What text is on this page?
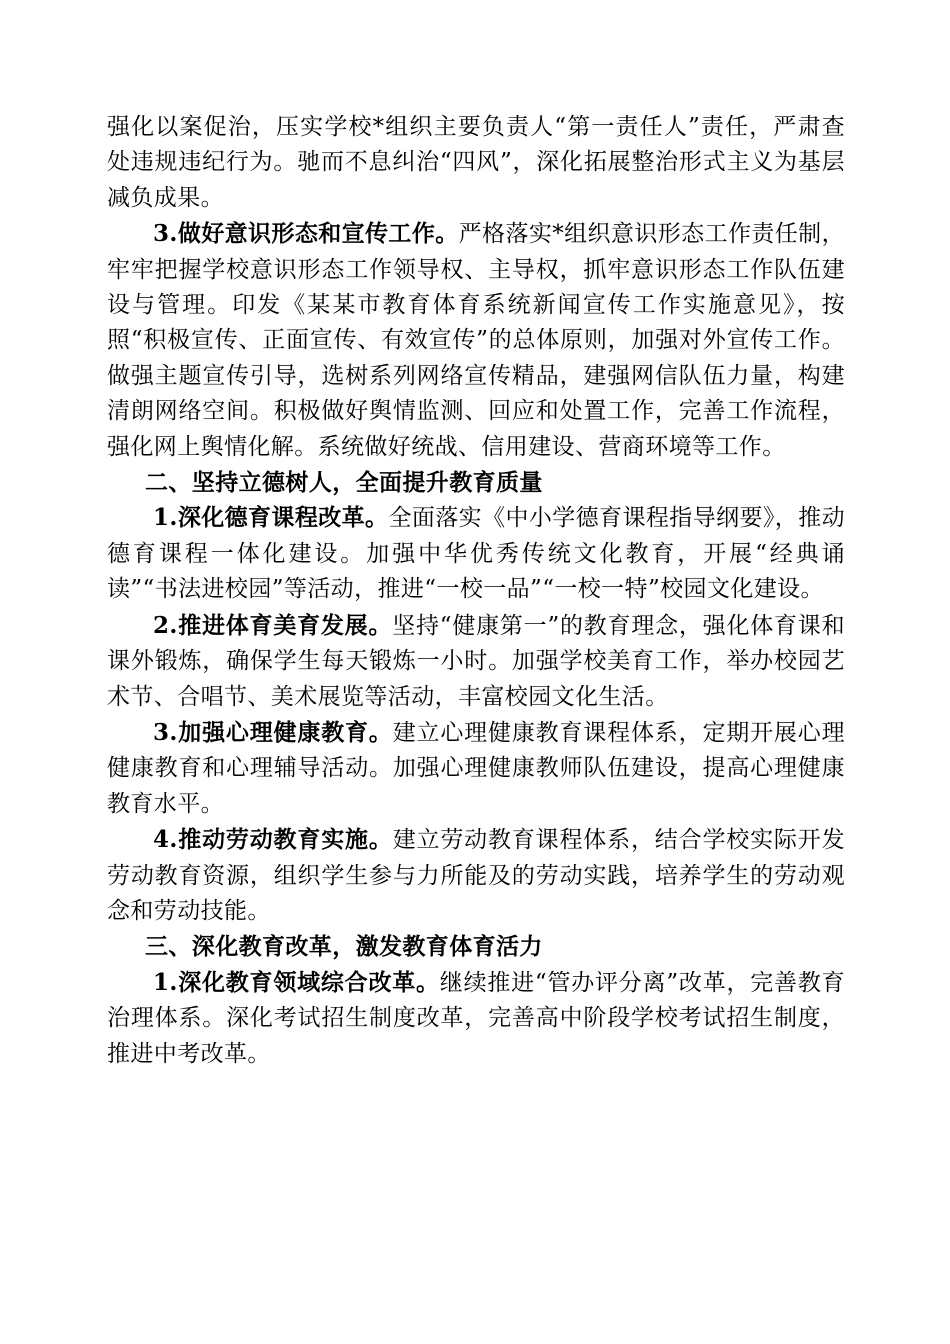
强化以案促治，压实学校*组织主要负责人“第一责任人”责任，严肃查处违规违纪行为。驰而不息纠治“四风”，深化拓展整治形式主义为基层减负成果。

3.做好意识形态和宣传工作。严格落实*组织意识形态工作责任制，牢牢把握学校意识形态工作领导权、主导权，抓牢意识形态工作队伍建设与管理。印发《某某市教育体育系统新闻宣传工作实施意见》，按照“积极宣传、正面宣传、有效宣传”的总体原则，加强对外宣传工作。做强主题宣传引导，选树系列网络宣传精品，建强网信队伍力量，构建清朗网络空间。积极做好舆情监测、回应和处置工作，完善工作流程，强化网上舆情化解。系统做好统战、信用建设、营商环境等工作。

二、坚持立德树人，全面提升教育质量

1.深化德育课程改革。全面落实《中小学德育课程指导纲要》，推动德育课程一体化建设。加强中华优秀传统文化教育，开展“经典诵读”“书法进校园”等活动，推进“一校一品”“一校一特”校园文化建设。

2.推进体育美育发展。坚持“健康第一”的教育理念，强化体育课和课外锻炼，确保学生每天锻炼一小时。加强学校美育工作，举办校园艺术节、合唱节、美术展览等活动，丰富校园文化生活。

3.加强心理健康教育。建立心理健康教育课程体系，定期开展心理健康教育和心理辅导活动。加强心理健康教师队伍建设，提高心理健康教育水平。

4.推动劳动教育实施。建立劳动教育课程体系，结合学校实际开发劳动教育资源，组织学生参与力所能及的劳动实践，培养学生的劳动观念和劳动技能。

三、深化教育改革，激发教育体育活力

1.深化教育领域综合改革。继续推进“管办评分离”改革，完善教育治理体系。深化考试招生制度改革，完善高中阶段学校考试招生制度，推进中考改革。
